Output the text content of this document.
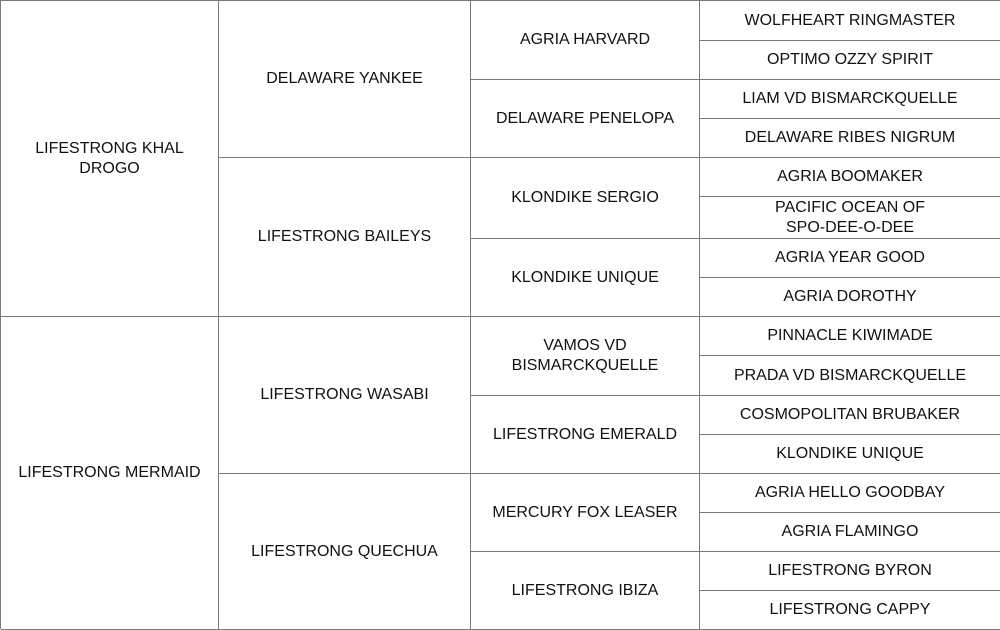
LIFESTRONG KHAL DROGO
LIFESTRONG MERMAID
DELAWARE YANKEE
LIFESTRONG BAILEYS
LIFESTRONG WASABI
LIFESTRONG QUECHUA
AGRIA HARVARD
DELAWARE PENELOPA
KLONDIKE SERGIO
KLONDIKE UNIQUE
VAMOS VD BISMARCKQUELLE
LIFESTRONG EMERALD
MERCURY FOX LEASER
LIFESTRONG IBIZA
WOLFHEART RINGMASTER
OPTIMO OZZY SPIRIT
LIAM VD BISMARCKQUELLE
DELAWARE RIBES NIGRUM
AGRIA BOOMAKER
PACIFIC OCEAN OF SPO-DEE-O-DEE
AGRIA YEAR GOOD
AGRIA DOROTHY
PINNACLE KIWIMADE
PRADA VD BISMARCKQUELLE
COSMOPOLITAN BRUBAKER
KLONDIKE UNIQUE
AGRIA HELLO GOODBAY
AGRIA FLAMINGO
LIFESTRONG BYRON
LIFESTRONG CAPPY
